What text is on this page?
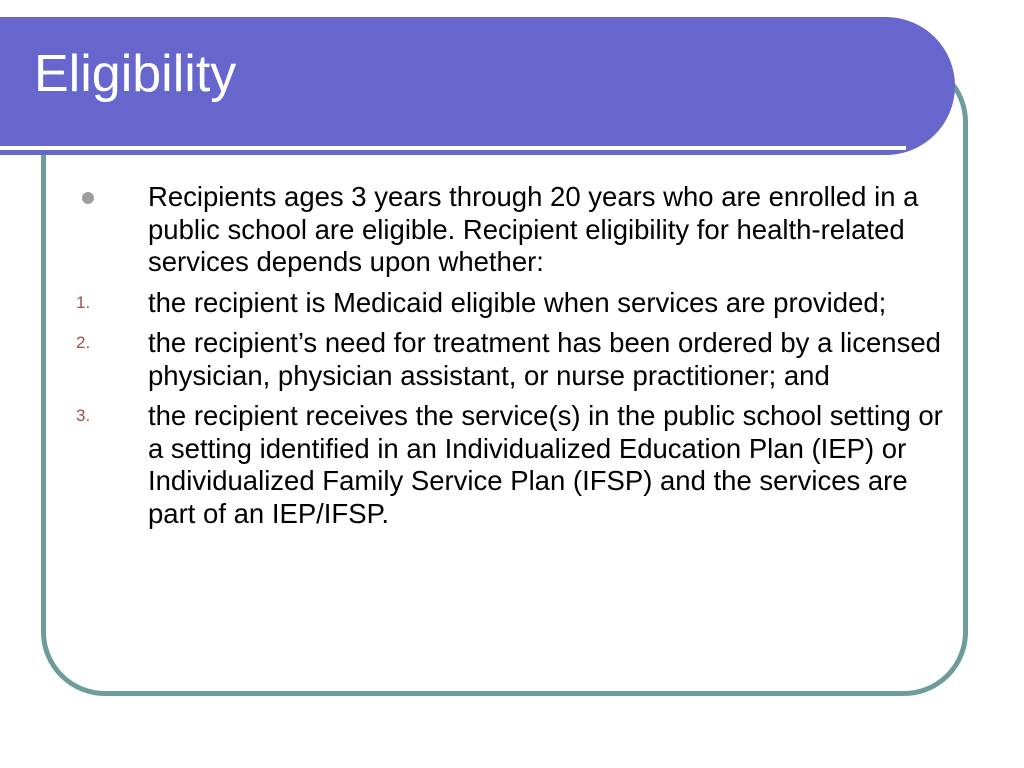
Eligibility
Recipients ages 3 years through 20 years who are enrolled in a public school are eligible. Recipient eligibility for health-related services depends upon whether:
1.	the recipient is Medicaid eligible when services are provided;
2.	the recipient’s need for treatment has been ordered by a licensed physician, physician assistant, or nurse practitioner; and
3.	the recipient receives the service(s) in the public school setting or a setting identified in an Individualized Education Plan (IEP) or Individualized Family Service Plan (IFSP) and the services are part of an IEP/IFSP.
